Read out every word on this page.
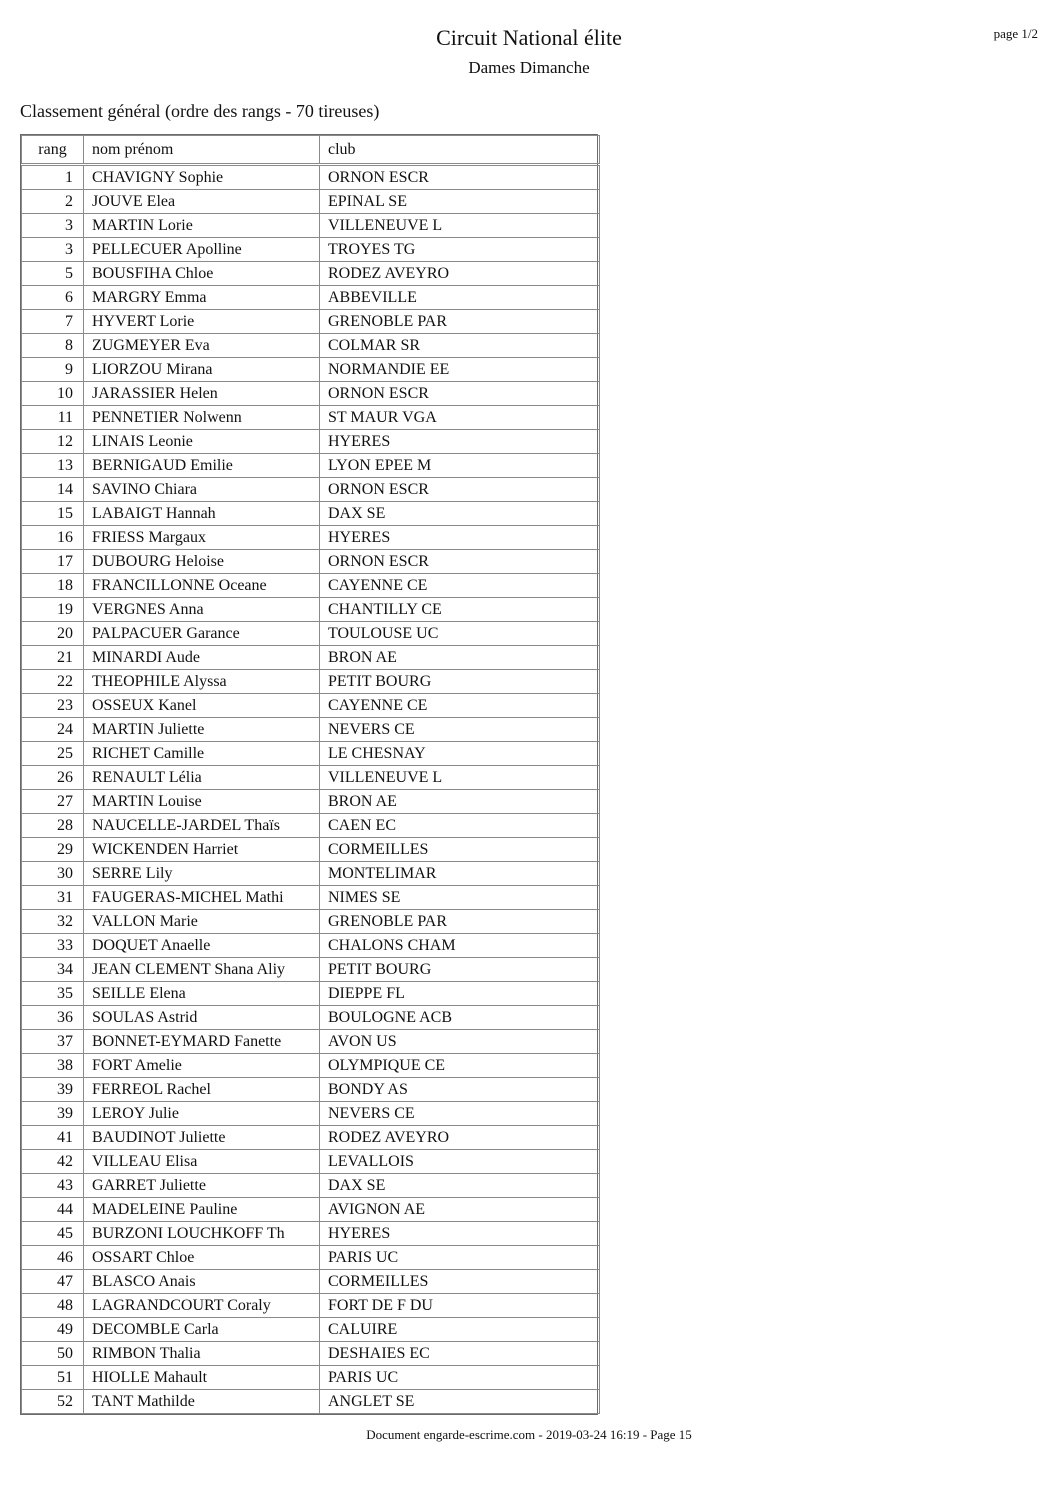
Circuit National élite
Dames Dimanche
page 1/2
Classement général (ordre des rangs - 70 tireuses)
rang	nom prénom	club
1	CHAVIGNY Sophie	ORNON ESCR
2	JOUVE Elea	EPINAL SE
3	MARTIN Lorie	VILLENEUVE L
3	PELLECUER Apolline	TROYES TG
5	BOUSFIHA Chloe	RODEZ AVEYRO
6	MARGRY Emma	ABBEVILLE
7	HYVERT Lorie	GRENOBLE PAR
8	ZUGMEYER Eva	COLMAR SR
9	LIORZOU Mirana	NORMANDIE EE
10	JARASSIER Helen	ORNON ESCR
11	PENNETIER Nolwenn	ST MAUR VGA
12	LINAIS Leonie	HYERES
13	BERNIGAUD Emilie	LYON EPEE M
14	SAVINO Chiara	ORNON ESCR
15	LABAIGT Hannah	DAX SE
16	FRIESS Margaux	HYERES
17	DUBOURG Heloise	ORNON ESCR
18	FRANCILLONNE Oceane	CAYENNE CE
19	VERGNES Anna	CHANTILLY CE
20	PALPACUER Garance	TOULOUSE UC
21	MINARDI Aude	BRON AE
22	THEOPHILE Alyssa	PETIT BOURG
23	OSSEUX Kanel	CAYENNE CE
24	MARTIN Juliette	NEVERS CE
25	RICHET Camille	LE CHESNAY
26	RENAULT Lélia	VILLENEUVE L
27	MARTIN Louise	BRON AE
28	NAUCELLE-JARDEL Thaïs	CAEN EC
29	WICKENDEN Harriet	CORMEILLES
30	SERRE Lily	MONTELIMAR
31	FAUGERAS-MICHEL Mathi	NIMES SE
32	VALLON Marie	GRENOBLE PAR
33	DOQUET Anaelle	CHALONS CHAM
34	JEAN CLEMENT Shana Aliy	PETIT BOURG
35	SEILLE Elena	DIEPPE FL
36	SOULAS Astrid	BOULOGNE ACB
37	BONNET-EYMARD Fanette	AVON US
38	FORT Amelie	OLYMPIQUE CE
39	FERREOL Rachel	BONDY AS
39	LEROY Julie	NEVERS CE
41	BAUDINOT Juliette	RODEZ AVEYRO
42	VILLEAU Elisa	LEVALLOIS
43	GARRET Juliette	DAX SE
44	MADELEINE Pauline	AVIGNON AE
45	BURZONI LOUCHKOFF Th	HYERES
46	OSSART Chloe	PARIS UC
47	BLASCO Anais	CORMEILLES
48	LAGRANDCOURT Coraly	FORT DE F DU
49	DECOMBLE Carla	CALUIRE
50	RIMBON Thalia	DESHAIES EC
51	HIOLLE Mahault	PARIS UC
52	TANT Mathilde	ANGLET SE
Document engarde-escrime.com - 2019-03-24 16:19 - Page 15
